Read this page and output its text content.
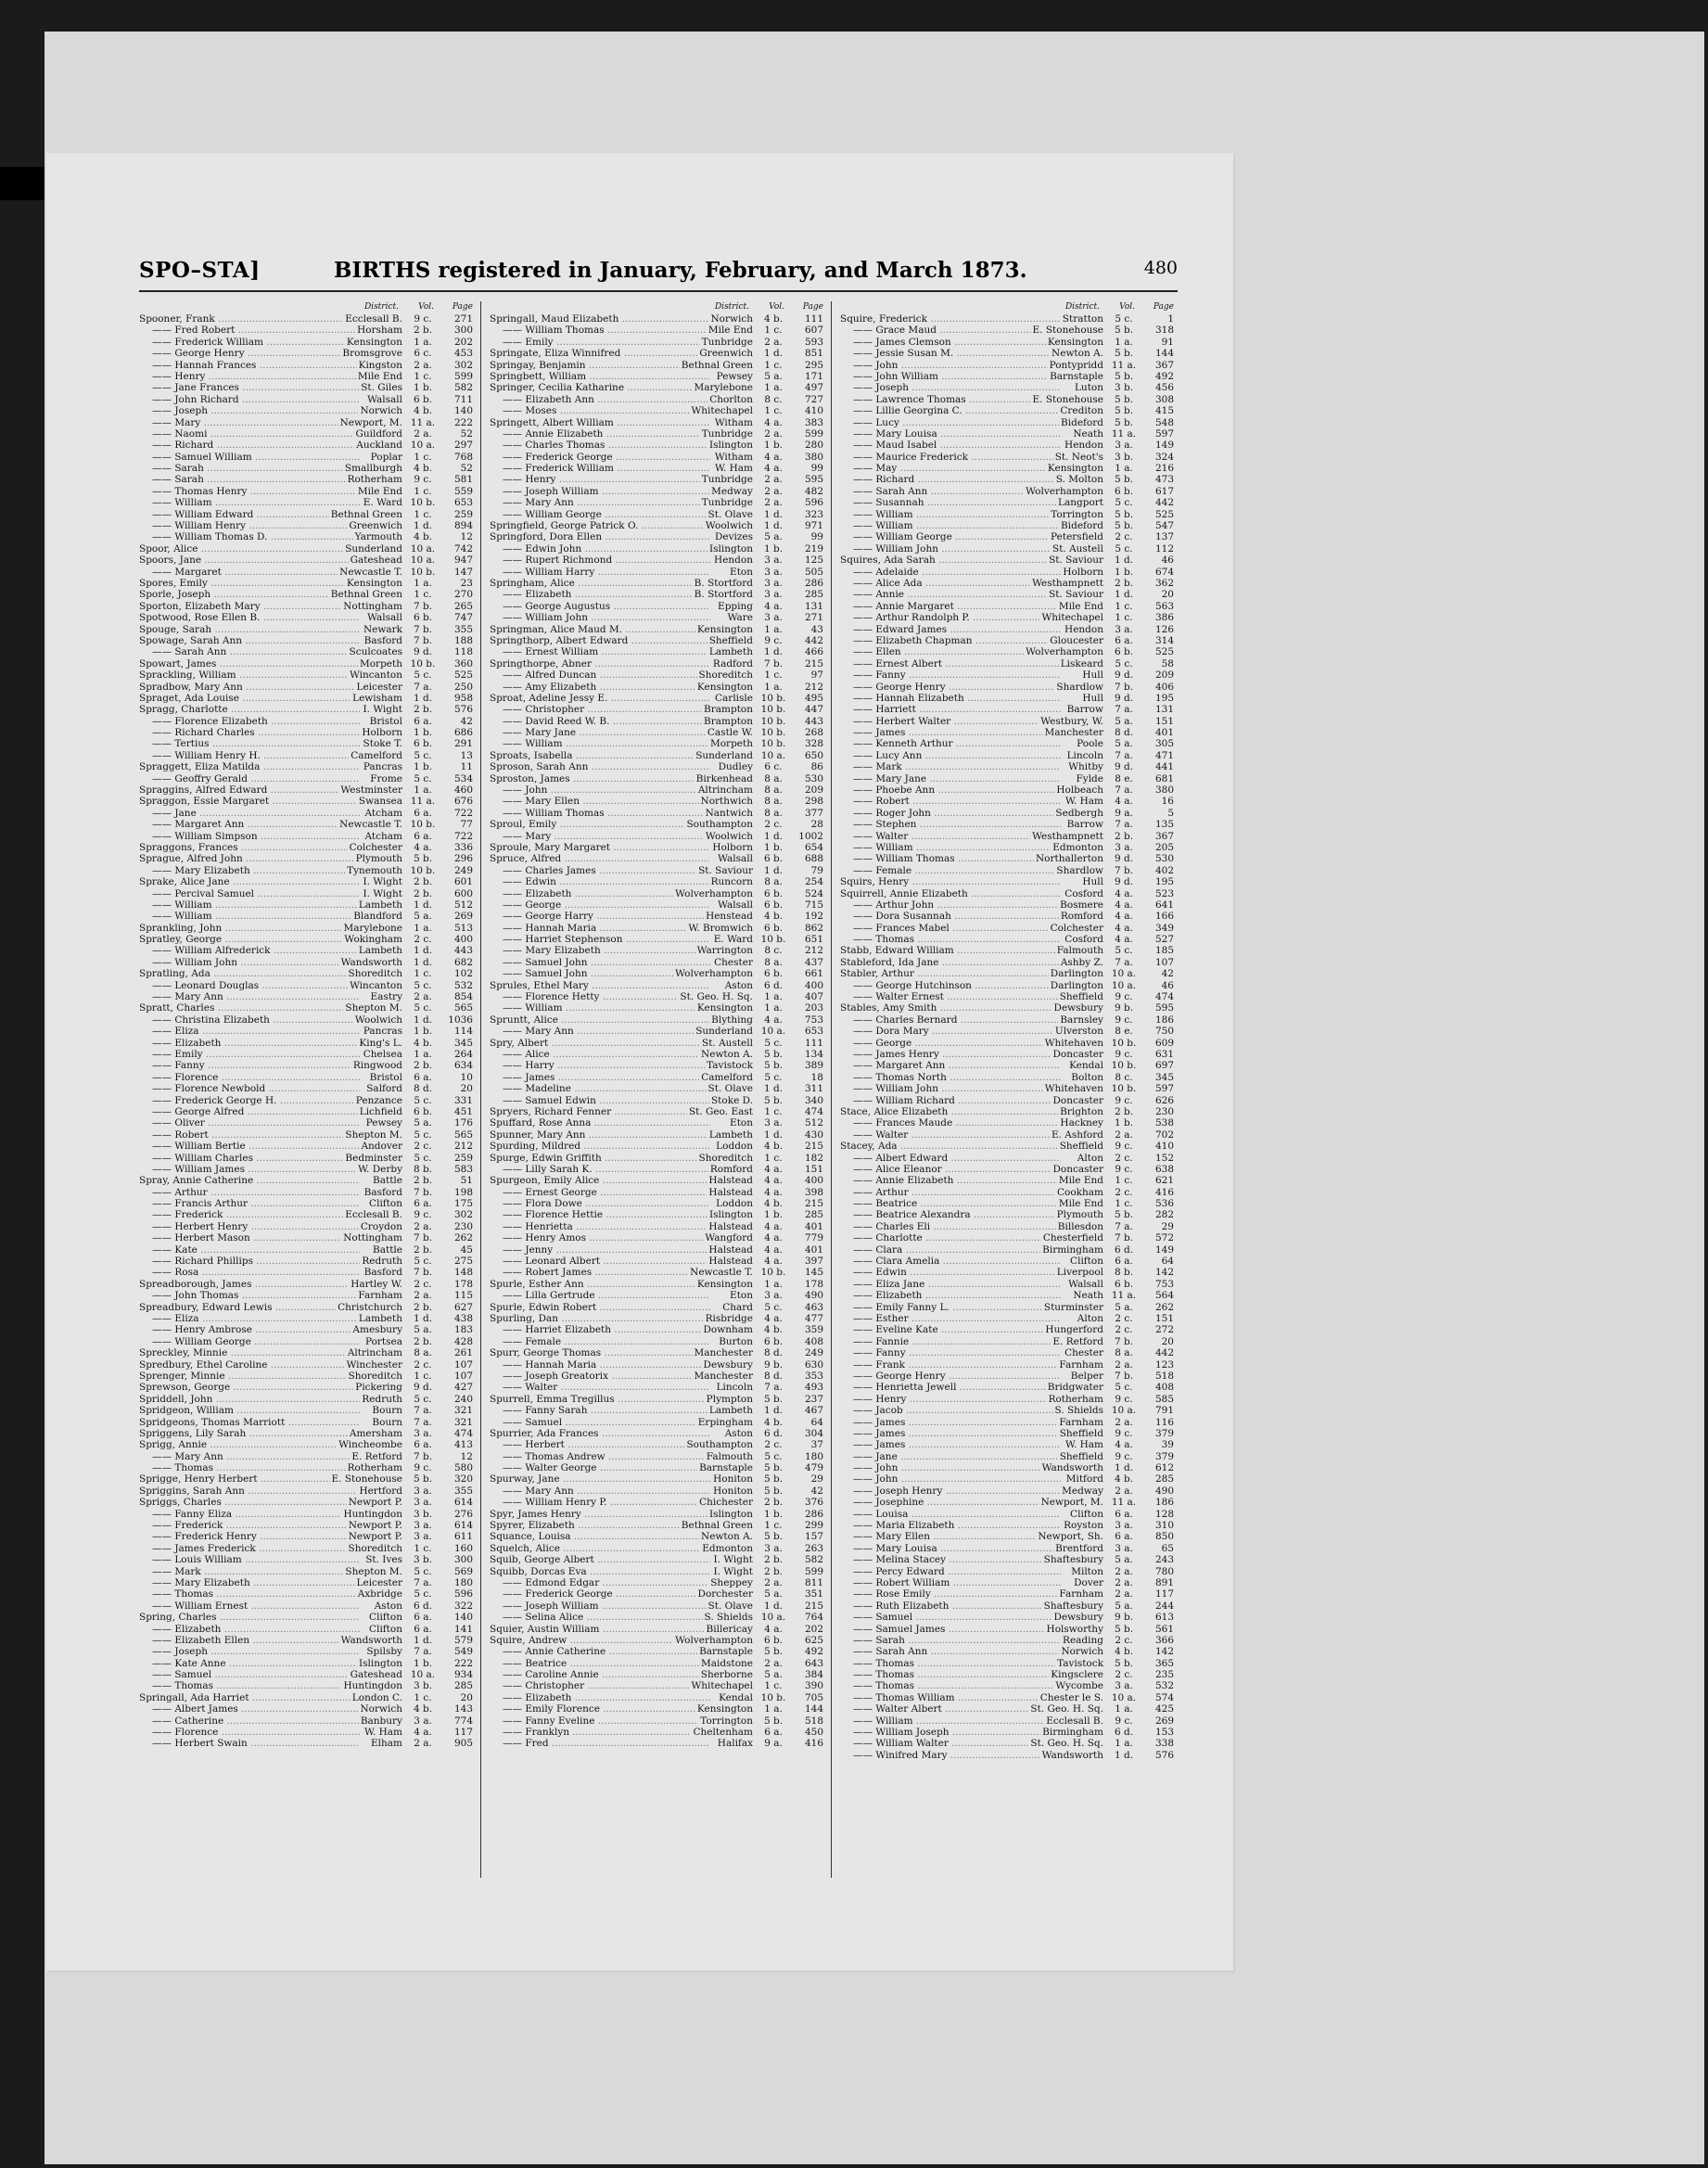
SPO–STA]	BIRTHS registered in January, February, and March 1873.	480
District. Vol. Page
Spooner, Frank .....	Ecclesall B.	9 c.	271
—— Fred Robert .....	Horsham	2 b.	300
—— Frederick William .....	Kensington	1 a.	202
—— George Henry .....	Bromsgrove	6 c.	453
—— Hannah Frances .....	Kingston	2 a.	302
—— Henry .....	Mile End	1 c.	599
—— Jane Frances .....	St. Giles	1 b.	582
—— John Richard .....	Walsall	6 b.	711
—— Joseph .....	Norwich	4 b.	140
—— Mary .....	Newport, M. 11 a.	222
—— Naomi .....	Guildford	2 a.	52
—— Richard .....	Auckland 10 a.	297
—— Samuel William .....	Poplar	1 c.	768
—— Sarah .....	Smallburgh	4 b.	52
—— Sarah .....	Rotherham	9 c.	581
—— Thomas Henry .....	Mile End	1 c.	559
—— William .....	E. Ward 10 b.	653
—— William Edward .....	Bethnal Green	1 c.	259
—— William Henry .....	Greenwich	1 d.	894
—— William Thomas D. .....	Yarmouth	4 b.	12
Spoor, Alice .....	Sunderland 10 a.	742
Spoors, Jane .....	Gateshead 10 a.	947
—— Margaret .....	Newcastle T. 10 b.	147
Spores, Emily .....	Kensington	1 a.	23
Sporle, Joseph .....	Bethnal Green	1 c.	270
Sporton, Elizabeth Mary .....	Nottingham	7 b.	265
Spotwood, Rose Ellen B. .....	Walsall	6 b.	747
Spouge, Sarah .....	Newark	7 b.	355
Spowage, Sarah Ann .....	Basford	7 b.	188
—— Sarah Ann .....	Sculcoates	9 d.	118
Spowart, James .....	Morpeth 10 b.	360
Sprackling, William .....	Wincanton	5 c.	525
Spradbow, Mary Ann .....	Leicester	7 a.	250
Spraget, Ada Louise .....	Lewisham	1 d.	958
Spragg, Charlotte .....	I. Wight	2 b.	576
—— Florence Elizabeth .....	Bristol	6 a.	42
—— Richard Charles .....	Holborn	1 b.	686
—— Tertius .....	Stoke T.	6 b.	291
—— William Henry H. .....	Camelford	5 c.	13
Spraggett, Eliza Matilda .....	Pancras	1 b.	11
—— Geoffry Gerald .....	Frome	5 c.	534
Spraggins, Alfred Edward .....	Westminster	1 a.	460
Spraggon, Essie Margaret .....	Swansea 11 a.	676
—— Jane .....	Atcham	6 a.	722
—— Margaret Ann .....	Newcastle T. 10 b.	77
—— William Simpson .....	Atcham	6 a.	722
Spraggons, Frances .....	Colchester	4 a.	336
Sprague, Alfred John .....	Plymouth	5 b.	296
—— Mary Elizabeth .....	Tynemouth 10 b.	249
Sprake, Alice Jane .....	I. Wight	2 b.	601
—— Percival Samuel .....	I. Wight	2 b.	600
—— William .....	Lambeth	1 d.	512
—— William .....	Blandford	5 a.	269
Sprankling, John .....	Marylebone	1 a.	513
Spratley, George .....	Wokingham	2 c.	400
—— William Alfrederick .....	Lambeth	1 d.	443
—— William John .....	Wandsworth	1 d.	682
Spratling, Ada .....	Shoreditch	1 c.	102
—— Leonard Douglas .....	Wincanton	5 c.	532
—— Mary Ann .....	Eastry	2 a.	854
Spratt, Charles .....	Shepton M.	5 c.	565
—— Christina Elizabeth .....	Woolwich	1 d.	1036
—— Eliza .....	Pancras	1 b.	114
—— Elizabeth .....	King's L.	4 b.	345
—— Emily .....	Chelsea	1 a.	264
—— Fanny .....	Ringwood	2 b.	634
—— Florence .....	Bristol	6 a.	10
—— Florence Newbold .....	Salford	8 d.	20
—— Frederick George H. .....	Penzance	5 c.	331
—— George Alfred .....	Lichfield	6 b.	451
—— Oliver .....	Pewsey	5 a.	176
—— Robert .....	Shepton M.	5 c.	565
—— William Bertie .....	Andover	2 c.	212
—— William Charles .....	Bedminster	5 c.	259
—— William James .....	W. Derby	8 b.	583
Spray, Annie Catherine .....	Battle	2 b.	51
—— Arthur .....	Basford	7 b.	198
—— Francis Arthur .....	Clifton	6 a.	175
—— Frederick .....	Ecclesall B.	9 c.	302
—— Herbert Henry .....	Croydon	2 a.	230
—— Herbert Mason .....	Nottingham	7 b.	262
—— Kate .....	Battle	2 b.	45
—— Richard Phillips .....	Redruth	5 c.	275
—— Rosa .....	Basford	7 b.	148
Spreadborough, James .....	Hartley W.	2 c.	178
—— John Thomas .....	Farnham	2 a.	115
Spreadbury, Edward Lewis .....	Christchurch	2 b.	627
—— Eliza .....	Lambeth	1 d.	438
—— Henry Ambrose .....	Amesbury	5 a.	183
—— William George .....	Portsea	2 b.	428
Spreckley, Minnie .....	Altrincham	8 a.	261
Spredbury, Ethel Caroline .....	Winchester	2 c.	107
Sprenger, Minnie .....	Shoreditch	1 c.	107
Sprewson, George .....	Pickering	9 d.	427
Spriddell, John .....	Redruth	5 c.	240
Spridgeon, William .....	Bourn	7 a.	321
Spridgeons, Thomas Marriott .....	Bourn	7 a.	321
Spriggens, Lily Sarah .....	Amersham	3 a.	474
Sprigg, Annie .....	Wincheombe	6 a.	413
—— Mary Ann .....	E. Retford	7 b.	12
—— Thomas .....	Rotherham	9 c.	580
Sprigge, Henry Herbert .....	E. Stonehouse	5 b.	320
Spriggins, Sarah Ann .....	Hertford	3 a.	355
Spriggs, Charles .....	Newport P.	3 a.	614
—— Fanny Eliza .....	Huntingdon	3 b.	276
—— Frederick .....	Newport P.	3 a.	614
—— Frederick Henry .....	Newport P.	3 a.	611
—— James Frederick .....	Shoreditch	1 c.	160
—— Louis William .....	St. Ives	3 b.	300
—— Mark .....	Shepton M.	5 c.	569
—— Mary Elizabeth .....	Leicester	7 a.	180
—— Thomas .....	Axbridge	5 c.	596
—— William Ernest .....	Aston	6 d.	322
Spring, Charles .....	Clifton	6 a.	140
—— Elizabeth .....	Clifton	6 a.	141
—— Elizabeth Ellen .....	Wandsworth	1 d.	579
—— Joseph .....	Spilsby	7 a.	549
—— Kate Anne .....	Islington	1 b.	222
—— Samuel .....	Gateshead 10 a.	934
—— Thomas .....	Huntingdon	3 b.	285
Springall, Ada Harriet .....	London C.	1 c.	20
—— Albert James .....	Norwich	4 b.	143
—— Catherine .....	Banbury	3 a.	774
—— Florence .....	W. Ham	4 a.	117
—— Herbert Swain .....	Elham	2 a.	905
District. Vol. Page
Springall, Maud Elizabeth .....	Norwich	4 b.	111
—— William Thomas .....	Mile End	1 c.	607
—— Emily .....	Tunbridge	2 a.	593
Springate, Eliza Winnifred .....	Greenwich	1 d.	851
Springay, Benjamin .....	Bethnal Green	1 c.	295
Springbett, William .....	Pewsey	5 a.	171
Springer, Cecilia Katharine .....	Marylebone	1 a.	497
—— Elizabeth Ann .....	Chorlton	8 c.	727
—— Moses .....	Whitechapel	1 c.	410
Springett, Albert William .....	Witham	4 a.	383
—— Annie Elizabeth .....	Tunbridge	2 a.	599
—— Charles Thomas .....	Islington	1 b.	280
—— Frederick George .....	Witham	4 a.	380
—— Frederick William .....	W. Ham	4 a.	99
—— Henry .....	Tunbridge	2 a.	595
—— Joseph William .....	Medway	2 a.	482
—— Mary Ann .....	Tunbridge	2 a.	596
—— William George .....	St. Olave	1 d.	323
Springfield, George Patrick O. .....	Woolwich	1 d.	971
Springford, Dora Ellen .....	Devizes	5 a.	99
—— Edwin John .....	Islington	1 b.	219
—— Rupert Richmond .....	Hendon	3 a.	125
—— William Harry .....	Eton	3 a.	505
Springham, Alice .....	B. Stortford	3 a.	286
—— Elizabeth .....	B. Stortford	3 a.	285
—— George Augustus .....	Epping	4 a.	131
—— William John .....	Ware	3 a.	271
Springman, Alice Maud M. .....	Kensington	1 a.	43
Springthorp, Albert Edward .....	Sheffield	9 c.	442
—— Ernest William .....	Lambeth	1 d.	466
Springthorpe, Abner .....	Radford	7 b.	215
—— Alfred Duncan .....	Shoreditch	1 c.	97
—— Amy Elizabeth .....	Kensington	1 a.	212
Sproat, Adeline Jessy E. .....	Carlisle 10 b.	495
—— Christopher .....	Brampton 10 b.	447
—— David Reed W. B. .....	Brampton 10 b.	443
—— Mary Jane .....	Castle W. 10 b.	268
—— William .....	Morpeth 10 b.	328
Sproats, Isabella .....	Sunderland 10 a.	650
Sproson, Sarah Ann .....	Dudley	6 c.	86
Sproston, James .....	Birkenhead	8 a.	530
—— John .....	Altrincham	8 a.	209
—— Mary Ellen .....	Northwich	8 a.	298
—— William Thomas .....	Nantwich	8 a.	377
Sproul, Emily .....	Southampton	2 c.	28
—— Mary .....	Woolwich	1 d.	1002
Sproule, Mary Margaret .....	Holborn	1 b.	654
Spruce, Alfred .....	Walsall	6 b.	688
—— Charles James .....	St. Saviour	1 d.	79
—— Edwin .....	Runcorn	8 a.	254
—— Elizabeth .....	Wolverhampton	6 b.	524
—— George .....	Walsall	6 b.	715
—— George Harry .....	Henstead	4 b.	192
—— Hannah Maria .....	W. Bromwich	6 b.	862
—— Harriet Stephenson .....	E. Ward 10 b.	651
—— Mary Elizabeth .....	Warrington	8 c.	212
—— Samuel John .....	Chester	8 a.	437
—— Samuel John .....	Wolverhampton	6 b.	661
Sprules, Ethel Mary .....	Aston	6 d.	400
—— Florence Hetty .....	St. Geo. H. Sq.	1 a.	407
—— William .....	Kensington	1 a.	203
Spruntt, Alice .....	Blything	4 a.	753
—— Mary Ann .....	Sunderland 10 a.	653
Spry, Albert .....	St. Austell	5 c.	111
—— Alice .....	Newton A.	5 b.	134
—— Harry .....	Tavistock	5 b.	389
—— James .....	Camelford	5 c.	18
—— Madeline .....	St. Olave	1 d.	311
—— Samuel Edwin .....	Stoke D.	5 b.	340
Spryers, Richard Fenner .....	St. Geo. East	1 c.	474
Spuffard, Rose Anna .....	Eton	3 a.	512
Spunner, Mary Ann .....	Lambeth	1 d.	430
Spurding, Mildred .....	Loddon	4 b.	215
Spurge, Edwin Griffith .....	Shoreditch	1 c.	182
—— Lilly Sarah K. .....	Romford	4 a.	151
Spurgeon, Emily Alice .....	Halstead	4 a.	400
—— Ernest George .....	Halstead	4 a.	398
—— Flora Dowe .....	Loddon	4 b.	215
—— Florence Hettie .....	Islington	1 b.	285
—— Henrietta .....	Halstead	4 a.	401
—— Henry Amos .....	Wangford	4 a.	779
—— Jenny .....	Halstead	4 a.	401
—— Leonard Albert .....	Halstead	4 a.	397
—— Robert James .....	Newcastle T. 10 b.	145
Spurle, Esther Ann .....	Kensington	1 a.	178
—— Lilla Gertrude .....	Eton	3 a.	490
Spurle, Edwin Robert .....	Chard	5 c.	463
Spurling, Dan .....	Risbridge	4 a.	477
—— Harriet Elizabeth .....	Downham	4 b.	359
—— Female .....	Burton	6 b.	408
Spurr, George Thomas .....	Manchester	8 d.	249
—— Hannah Maria .....	Dewsbury	9 b.	630
—— Joseph Greatorix .....	Manchester	8 d.	353
—— Walter .....	Lincoln	7 a.	493
Spurrell, Emma Tregillus .....	Plympton	5 b.	237
—— Fanny Sarah .....	Lambeth	1 d.	467
—— Samuel .....	Erpingham	4 b.	64
Spurrier, Ada Frances .....	Aston	6 d.	304
—— Herbert .....	Southampton	2 c.	37
—— Thomas Andrew .....	Falmouth	5 c.	180
—— Walter George .....	Barnstaple	5 b.	479
Spurway, Jane .....	Honiton	5 b.	29
—— Mary Ann .....	Honiton	5 b.	42
—— William Henry P. .....	Chichester	2 b.	376
Spyr, James Henry .....	Islington	1 b.	286
Spyrer, Elizabeth .....	Bethnal Green	1 c.	299
Squance, Louisa .....	Newton A.	5 b.	157
Squelch, Alice .....	Edmonton	3 a.	263
Squib, George Albert .....	I. Wight	2 b.	582
Squibb, Dorcas Eva .....	I. Wight	2 b.	599
—— Edmond Edgar .....	Sheppey	2 a.	811
—— Frederick George .....	Dorchester	5 a.	351
—— Joseph William .....	St. Olave	1 d.	215
—— Selina Alice .....	S. Shields 10 a.	764
Squier, Austin William .....	Billericay	4 a.	202
Squire, Andrew .....	Wolverhampton	6 b.	625
—— Annie Catherine .....	Barnstaple	5 b.	492
—— Beatrice .....	Maidstone	2 a.	643
—— Caroline Annie .....	Sherborne	5 a.	384
—— Christopher .....	Whitechapel	1 c.	390
—— Elizabeth .....	Kendal 10 b.	705
—— Emily Florence .....	Kensington	1 a.	144
—— Fanny Eveline .....	Torrington	5 b.	518
—— Franklyn .....	Cheltenham	6 a.	450
—— Fred .....	Halifax	9 a.	416
District. Vol. Page
Squire, Frederick .....	Stratton	5 c.	1
—— Grace Maud .....	E. Stonehouse	5 b.	318
—— James Clemson .....	Kensington	1 a.	91
—— Jessie Susan M. .....	Newton A.	5 b.	144
—— John .....	Pontypridd 11 a.	367
—— John William .....	Barnstaple	5 b.	492
—— Joseph .....	Luton	3 b.	456
—— Lawrence Thomas .....	E. Stonehouse	5 b.	308
—— Lillie Georgina C. .....	Crediton	5 b.	415
—— Lucy .....	Bideford	5 b.	548
—— Mary Louisa .....	Neath 11 a.	597
—— Maud Isabel .....	Hendon	3 a.	149
—— Maurice Frederick .....	St. Neot's	3 b.	324
—— May .....	Kensington	1 a.	216
—— Richard .....	S. Molton	5 b.	473
—— Sarah Ann .....	Wolverhampton	6 b.	617
—— Susannah .....	Langport	5 c.	442
—— William .....	Torrington	5 b.	525
—— William .....	Bideford	5 b.	547
—— William George .....	Petersfield	2 c.	137
—— William John .....	St. Austell	5 c.	112
Squires, Ada Sarah .....	St. Saviour	1 d.	46
—— Adelaide .....	Holborn	1 b.	674
—— Alice Ada .....	Westhampnett	2 b.	362
—— Annie .....	St. Saviour	1 d.	20
—— Annie Margaret .....	Mile End	1 c.	563
—— Arthur Randolph P. .....	Whitechapel	1 c.	386
—— Edward James .....	Hendon	3 a.	126
—— Elizabeth Chapman .....	Gloucester	6 a.	314
—— Ellen .....	Wolverhampton	6 b.	525
—— Ernest Albert .....	Liskeard	5 c.	58
—— Fanny .....	Hull	9 d.	209
—— George Henry .....	Shardlow	7 b.	406
—— Hannah Elizabeth .....	Hull	9 d.	195
—— Harriett .....	Barrow	7 a.	131
—— Herbert Walter .....	Westbury, W.	5 a.	151
—— James .....	Manchester	8 d.	401
—— Kenneth Arthur .....	Poole	5 a.	305
—— Lucy Ann .....	Lincoln	7 a.	471
—— Mark .....	Whitby	9 d.	441
—— Mary Jane .....	Fylde	8 e.	681
—— Phoebe Ann .....	Holbeach	7 a.	380
—— Robert .....	W. Ham	4 a.	16
—— Roger John .....	Sedbergh	9 a.	5
—— Stephen .....	Barrow	7 a.	135
—— Walter .....	Westhampnett	2 b.	367
—— William .....	Edmonton	3 a.	205
—— William Thomas .....	Northallerton	9 d.	530
—— Female .....	Shardlow	7 b.	402
Squirs, Henry .....	Hull	9 d.	195
Squirrell, Annie Elizabeth .....	Cosford	4 a.	523
—— Arthur John .....	Bosmere	4 a.	641
—— Dora Susannah .....	Romford	4 a.	166
—— Frances Mabel .....	Colchester	4 a.	349
—— Thomas .....	Cosford	4 a.	527
Stabb, Edward William .....	Falmouth	5 c.	185
Stableford, Ida Jane .....	Ashby Z.	7 a.	107
Stabler, Arthur .....	Darlington 10 a.	42
—— George Hutchinson .....	Darlington 10 a.	46
—— Walter Ernest .....	Sheffield	9 c.	474
Stables, Amy Smith .....	Dewsbury	9 b.	595
—— Charles Bernard .....	Barnsley	9 c.	186
—— Dora Mary .....	Ulverston	8 e.	750
—— George .....	Whitehaven 10 b.	609
—— James Henry .....	Doncaster	9 c.	631
—— Margaret Ann .....	Kendal 10 b.	697
—— Thomas North .....	Bolton	8 c.	345
—— William John .....	Whitehaven 10 b.	597
—— William Richard .....	Doncaster	9 c.	626
Stace, Alice Elizabeth .....	Brighton	2 b.	230
—— Frances Maude .....	Hackney	1 b.	538
—— Walter .....	E. Ashford	2 a.	702
Stacey, Ada .....	Sheffield	9 c.	410
—— Albert Edward .....	Alton	2 c.	152
—— Alice Eleanor .....	Doncaster	9 c.	638
—— Annie Elizabeth .....	Mile End	1 c.	621
—— Arthur .....	Cookham	2 c.	416
—— Beatrice .....	Mile End	1 c.	536
—— Beatrice Alexandra .....	Plymouth	5 b.	282
—— Charles Eli .....	Billesdon	7 a.	29
—— Charlotte .....	Chesterfield	7 b.	572
—— Clara .....	Birmingham	6 d.	149
—— Clara Amelia .....	Clifton	6 a.	64
—— Edwin .....	Liverpool	8 b.	142
—— Eliza Jane .....	Walsall	6 b.	753
—— Elizabeth .....	Neath 11 a.	564
—— Emily Fanny L. .....	Sturminster	5 a.	262
—— Esther .....	Alton	2 c.	151
—— Eveline Kate .....	Hungerford	2 c.	272
—— Fannie .....	E. Retford	7 b.	20
—— Fanny .....	Chester	8 a.	442
—— Frank .....	Farnham	2 a.	123
—— George Henry .....	Belper	7 b.	518
—— Henrietta Jewell .....	Bridgwater	5 c.	408
—— Henry .....	Rotherham	9 c.	585
—— Jacob .....	S. Shields 10 a.	791
—— James .....	Farnham	2 a.	116
—— James .....	Sheffield	9 c.	379
—— James .....	W. Ham	4 a.	39
—— Jane .....	Sheffield	9 c.	379
—— John .....	Wandsworth	1 d.	612
—— John .....	Mitford	4 b.	285
—— Joseph Henry .....	Medway	2 a.	490
—— Josephine .....	Newport, M. 11 a.	186
—— Louisa .....	Clifton	6 a.	128
—— Maria Elizabeth .....	Royston	3 a.	310
—— Mary Ellen .....	Newport, Sh.	6 a.	850
—— Mary Louisa .....	Brentford	3 a.	65
—— Melina Stacey .....	Shaftesbury	5 a.	243
—— Percy Edward .....	Milton	2 a.	780
—— Robert William .....	Dover	2 a.	891
—— Rose Emily .....	Farnham	2 a.	117
—— Ruth Elizabeth .....	Shaftesbury	5 a.	244
—— Samuel .....	Dewsbury	9 b.	613
—— Samuel James .....	Holsworthy	5 b.	561
—— Sarah .....	Reading	2 c.	366
—— Sarah Ann .....	Norwich	4 b.	142
—— Thomas .....	Tavistock	5 b.	365
—— Thomas .....	Kingsclere	2 c.	235
—— Thomas .....	Wycombe	3 a.	532
—— Thomas William .....	Chester le S. 10 a.	574
—— Walter Albert .....	St. Geo. H. Sq.	1 a.	425
—— William .....	Ecclesall B.	9 c.	269
—— William Joseph .....	Birmingham	6 d.	153
—— William Walter .....	St. Geo. H. Sq.	1 a.	338
—— Winifred Mary .....	Wandsworth	1 d.	576
